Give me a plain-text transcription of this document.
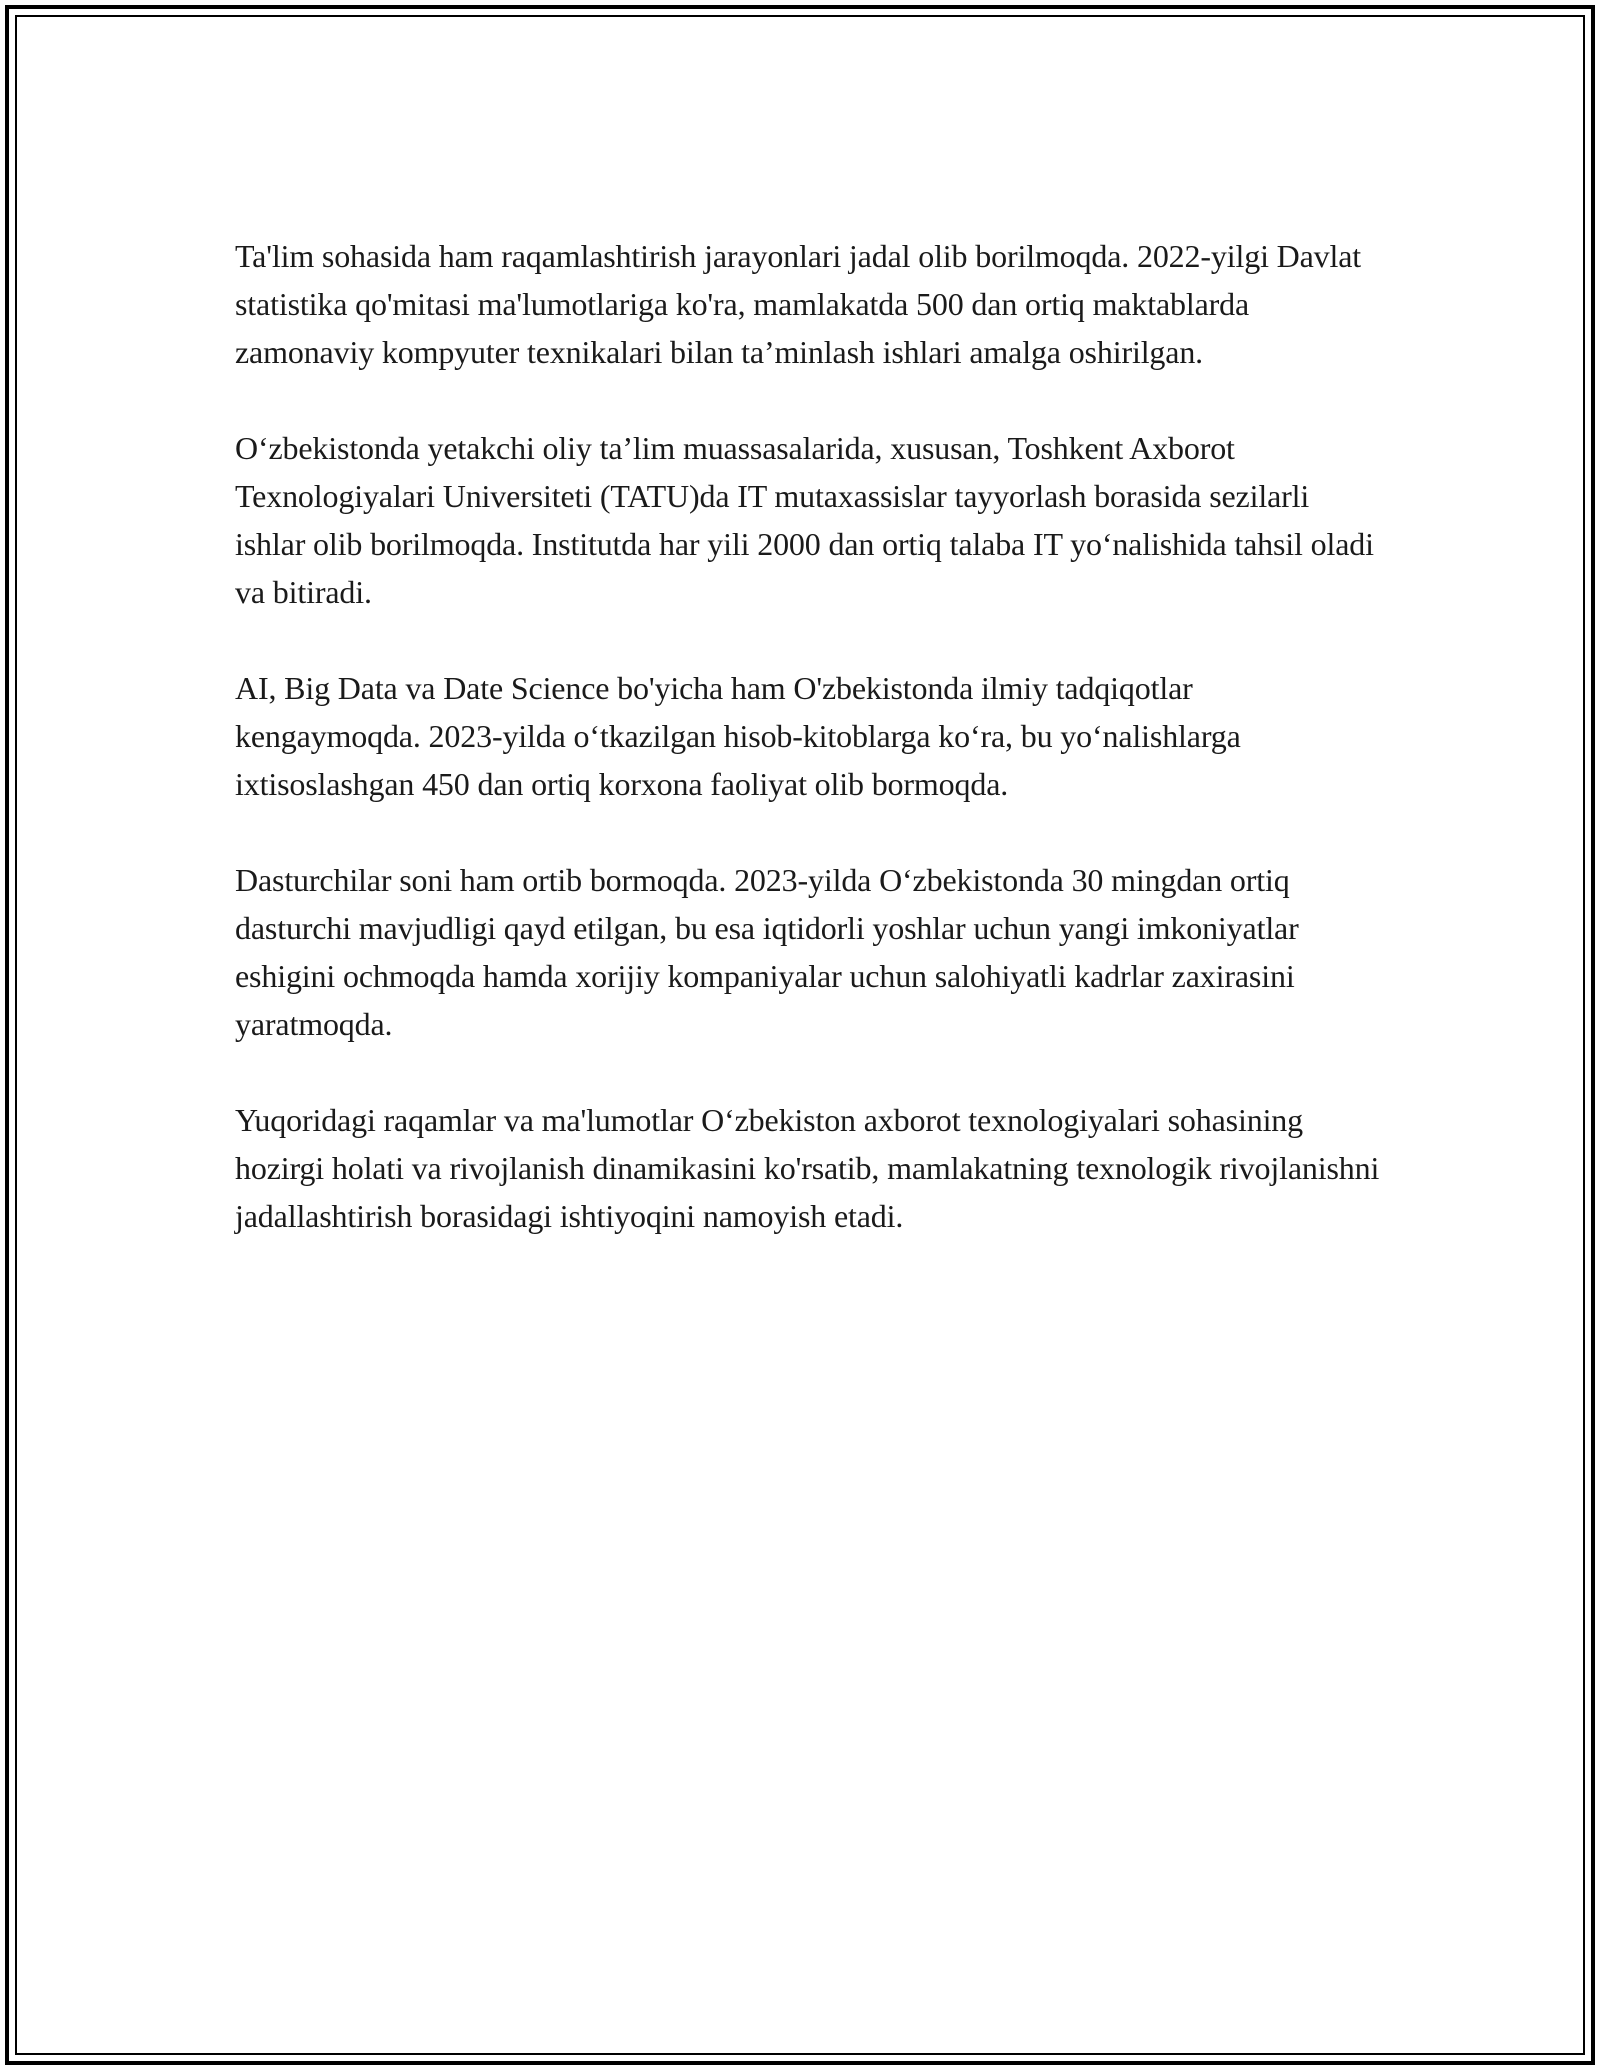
Ta'lim sohasida ham raqamlashtirish jarayonlari jadal olib borilmoqda. 2022-yilgi Davlat statistika qo'mitasi ma'lumotlariga ko'ra, mamlakatda 500 dan ortiq maktablarda zamonaviy kompyuter texnikalari bilan ta’minlash ishlari amalga oshirilgan.

O‘zbekistonda yetakchi oliy ta’lim muassasalarida, xususan, Toshkent Axborot Texnologiyalari Universiteti (TATU)da IT mutaxassislar tayyorlash borasida sezilarli ishlar olib borilmoqda. Institutda har yili 2000 dan ortiq talaba IT yo‘nalishida tahsil oladi va bitiradi.

AI, Big Data va Date Science bo'yicha ham O'zbekistonda ilmiy tadqiqotlar kengaymoqda. 2023-yilda o‘tkazilgan hisob-kitoblarga ko‘ra, bu yo‘nalishlarga ixtisoslashgan 450 dan ortiq korxona faoliyat olib bormoqda.

Dasturchilar soni ham ortib bormoqda. 2023-yilda O‘zbekistonda 30 mingdan ortiq dasturchi mavjudligi qayd etilgan, bu esa iqtidorli yoshlar uchun yangi imkoniyatlar eshigini ochmoqda hamda xorijiy kompaniyalar uchun salohiyatli kadrlar zaxirasini yaratmoqda.

Yuqoridagi raqamlar va ma'lumotlar O‘zbekiston axborot texnologiyalari sohasining hozirgi holati va rivojlanish dinamikasini ko'rsatib, mamlakatning texnologik rivojlanishni jadallashtirish borasidagi ishtiyoqini namoyish etadi.
